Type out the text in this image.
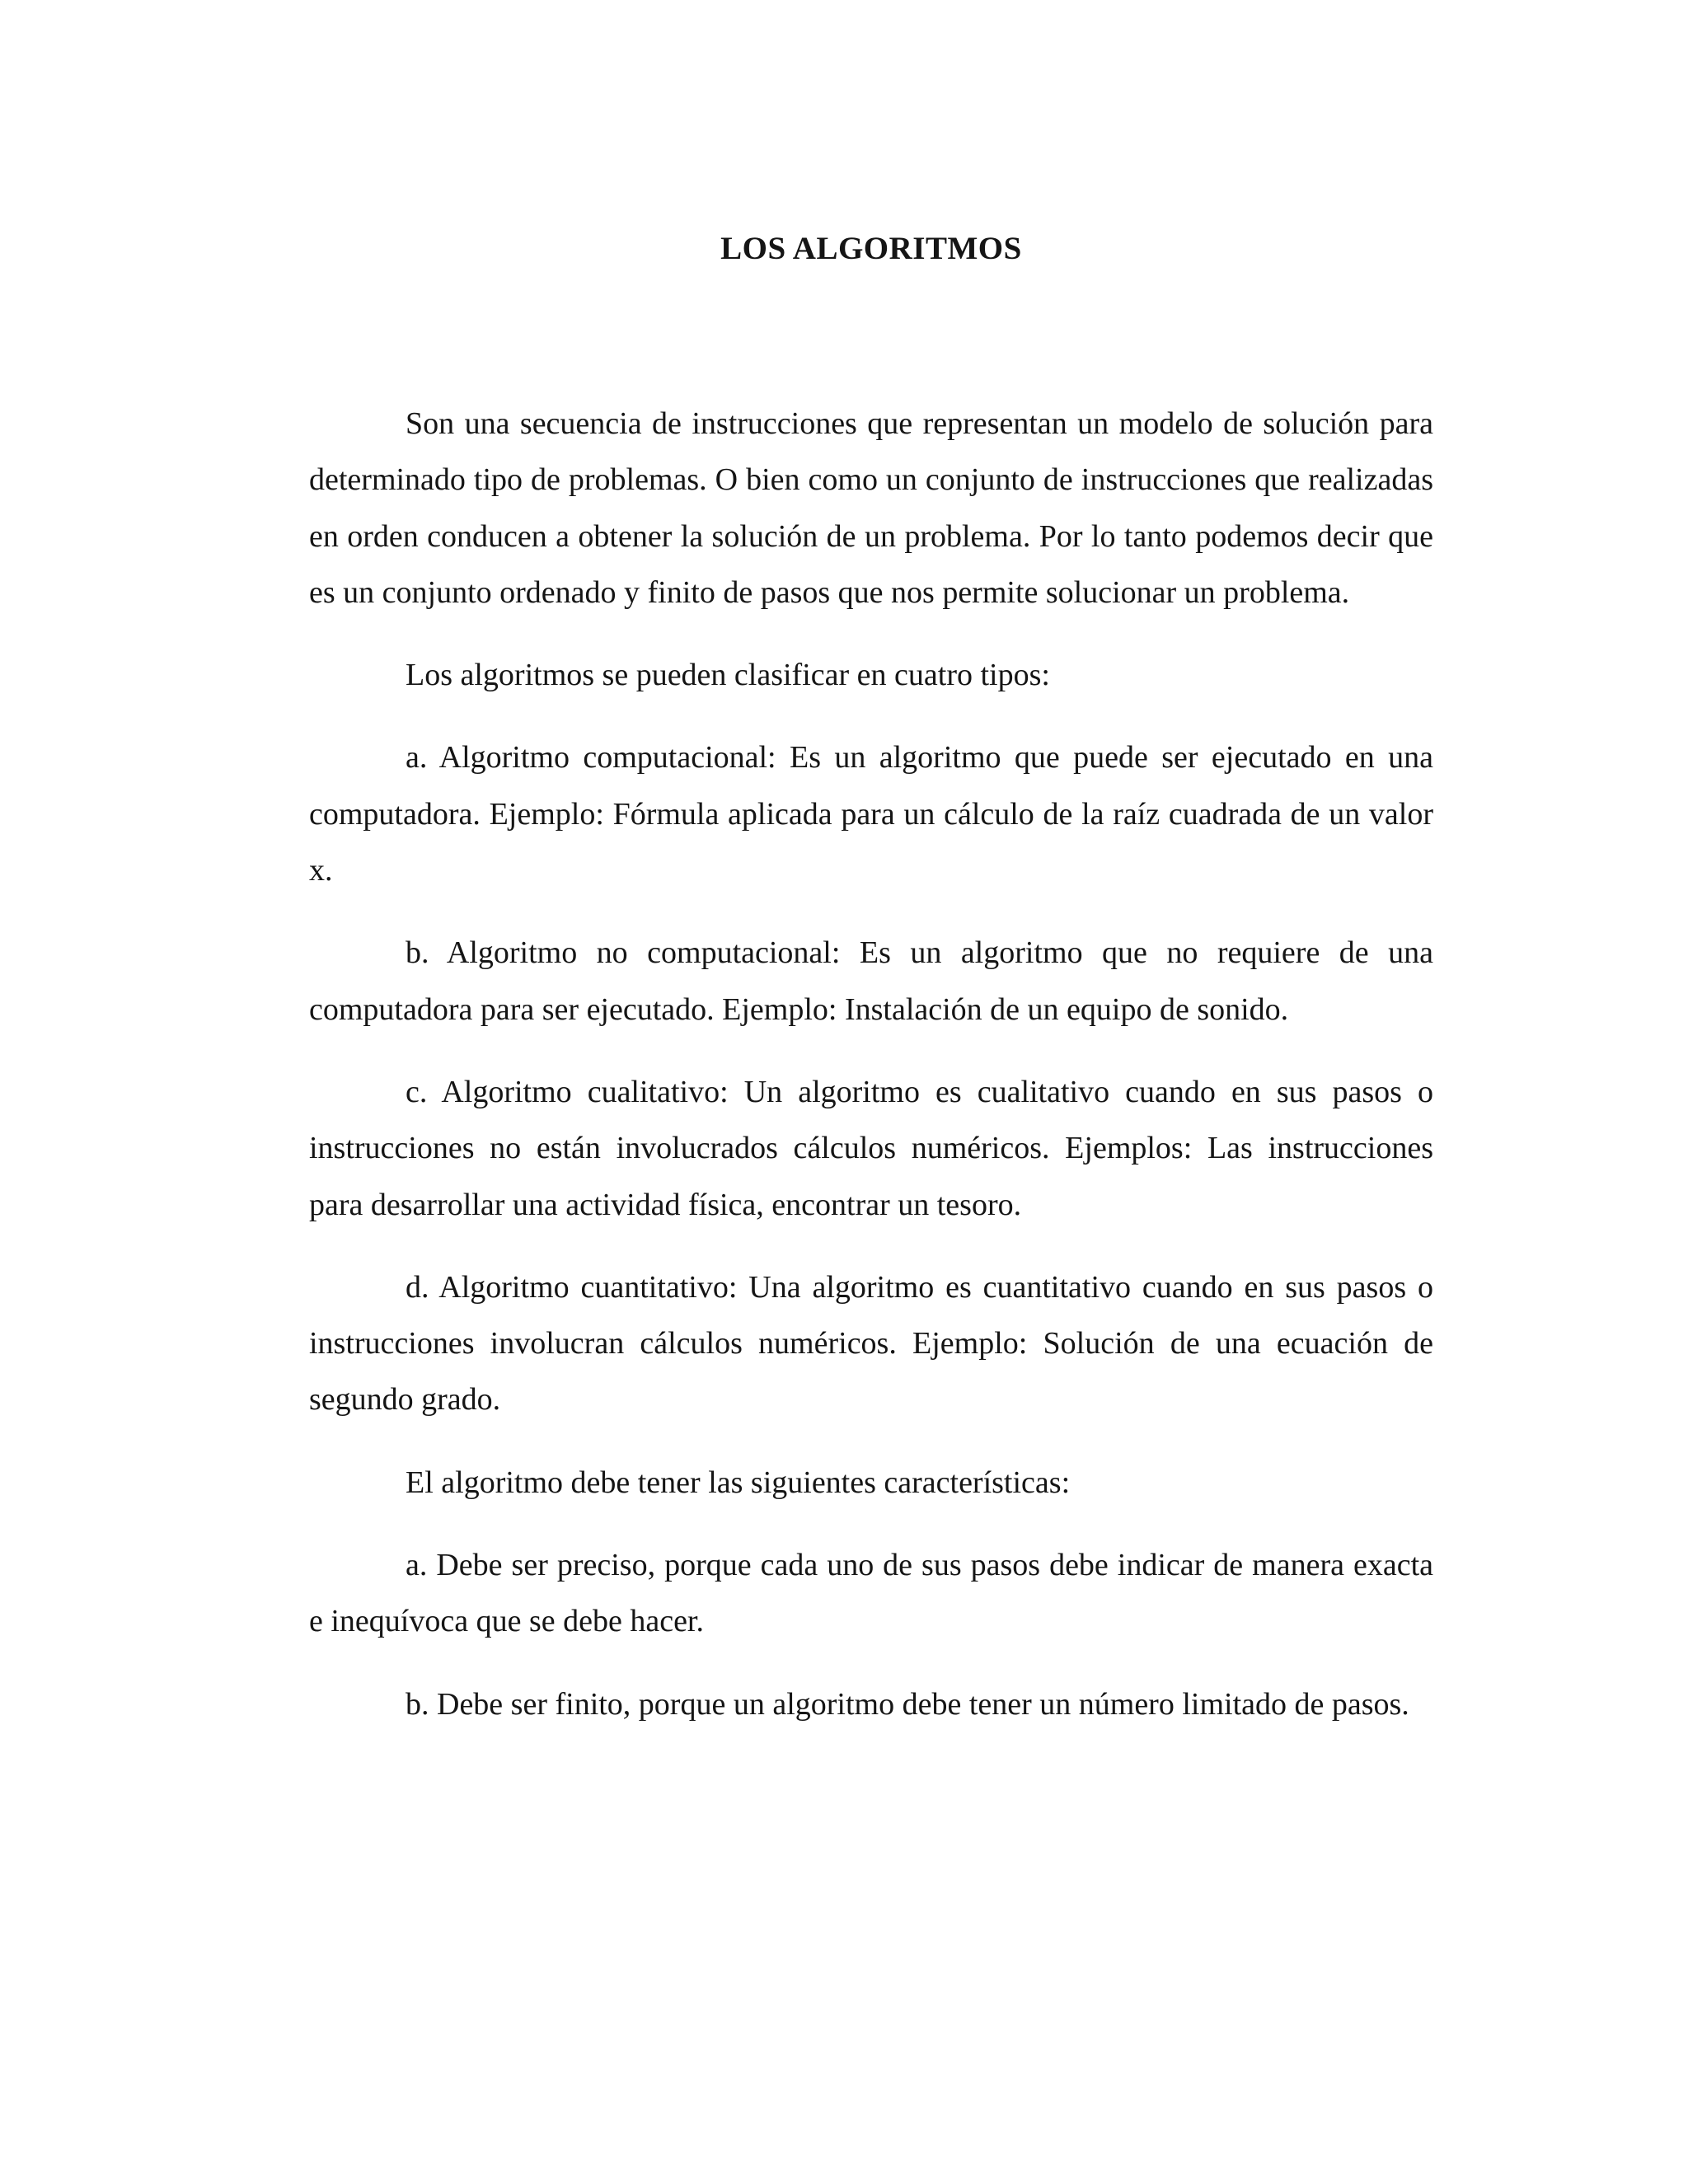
LOS ALGORITMOS

Son una secuencia de instrucciones que representan un modelo de solución para determinado tipo de problemas. O bien como un conjunto de instrucciones que realizadas en orden conducen a obtener la solución de un problema. Por lo tanto podemos decir que es un conjunto ordenado y finito de pasos que nos permite solucionar un problema.

Los algoritmos se pueden clasificar en cuatro tipos:

a. Algoritmo computacional: Es un algoritmo que puede ser ejecutado en una computadora. Ejemplo: Fórmula aplicada para un cálculo de la raíz cuadrada de un valor x.

b. Algoritmo no computacional: Es un algoritmo que no requiere de una computadora para ser ejecutado. Ejemplo: Instalación de un equipo de sonido.

c. Algoritmo cualitativo: Un algoritmo es cualitativo cuando en sus pasos o instrucciones no están involucrados cálculos numéricos. Ejemplos: Las instrucciones para desarrollar una actividad física, encontrar un tesoro.

d. Algoritmo cuantitativo: Una algoritmo es cuantitativo cuando en sus pasos o instrucciones involucran cálculos numéricos. Ejemplo: Solución de una ecuación de segundo grado.

El algoritmo debe tener las siguientes características:

a. Debe ser preciso, porque cada uno de sus pasos debe indicar de manera exacta e inequívoca que se debe hacer.

b. Debe ser finito, porque un algoritmo debe tener un número limitado de pasos.
